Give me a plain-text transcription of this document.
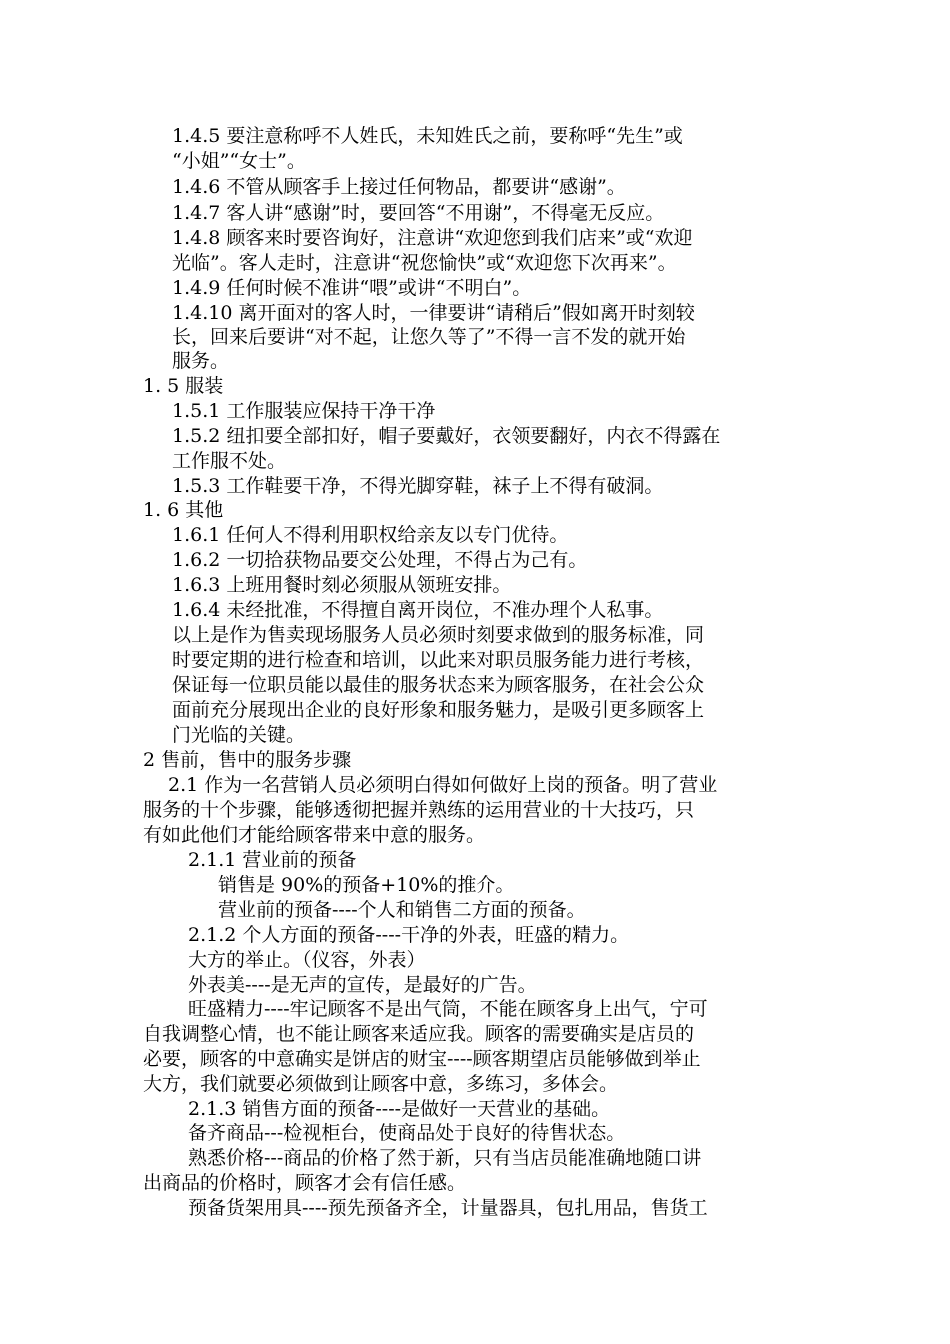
1.4.5 要注意称呼不人姓氏，未知姓氏之前，要称呼“先生”或
“小姐”“女士”。
1.4.6 不管从顾客手上接过任何物品，都要讲“感谢”。
1.4.7 客人讲“感谢”时，要回答“不用谢”，不得毫无反应。
1.4.8 顾客来时要咨询好，注意讲“欢迎您到我们店来”或“欢迎
光临”。客人走时，注意讲“祝您愉快”或“欢迎您下次再来”。
1.4.9 任何时候不准讲“喂”或讲“不明白”。
1.4.10 离开面对的客人时，一律要讲“请稍后”假如离开时刻较
长，回来后要讲“对不起，让您久等了”不得一言不发的就开始
服务。
1. 5 服装
1.5.1 工作服装应保持干净干净
1.5.2 纽扣要全部扣好，帽子要戴好，衣领要翻好，内衣不得露在
工作服不处。
1.5.3 工作鞋要干净，不得光脚穿鞋，袜子上不得有破洞。
1. 6 其他
1.6.1 任何人不得利用职权给亲友以专门优待。
1.6.2 一切拾获物品要交公处理，不得占为己有。
1.6.3 上班用餐时刻必须服从领班安排。
1.6.4 未经批准，不得擅自离开岗位，不准办理个人私事。
以上是作为售卖现场服务人员必须时刻要求做到的服务标准，同
时要定期的进行检查和培训，以此来对职员服务能力进行考核，
保证每一位职员能以最佳的服务状态来为顾客服务，在社会公众
面前充分展现出企业的良好形象和服务魅力，是吸引更多顾客上
门光临的关键。
2 售前，售中的服务步骤
2.1 作为一名营销人员必须明白得如何做好上岗的预备。明了营业
服务的十个步骤，能够透彻把握并熟练的运用营业的十大技巧，只
有如此他们才能给顾客带来中意的服务。
2.1.1 营业前的预备
销售是 90%的预备+10%的推介。
营业前的预备----个人和销售二方面的预备。
2.1.2 个人方面的预备----干净的外表，旺盛的精力。
大方的举止。（仪容，外表）
外表美----是无声的宣传，是最好的广告。
旺盛精力----牢记顾客不是出气筒，不能在顾客身上出气，宁可
自我调整心情，也不能让顾客来适应我。顾客的需要确实是店员的
必要，顾客的中意确实是饼店的财宝----顾客期望店员能够做到举止
大方，我们就要必须做到让顾客中意，多练习，多体会。
2.1.3 销售方面的预备----是做好一天营业的基础。
备齐商品---检视柜台，使商品处于良好的待售状态。
熟悉价格---商品的价格了然于新，只有当店员能准确地随口讲
出商品的价格时，顾客才会有信任感。
预备货架用具----预先预备齐全，计量器具，包扎用品，售货工
